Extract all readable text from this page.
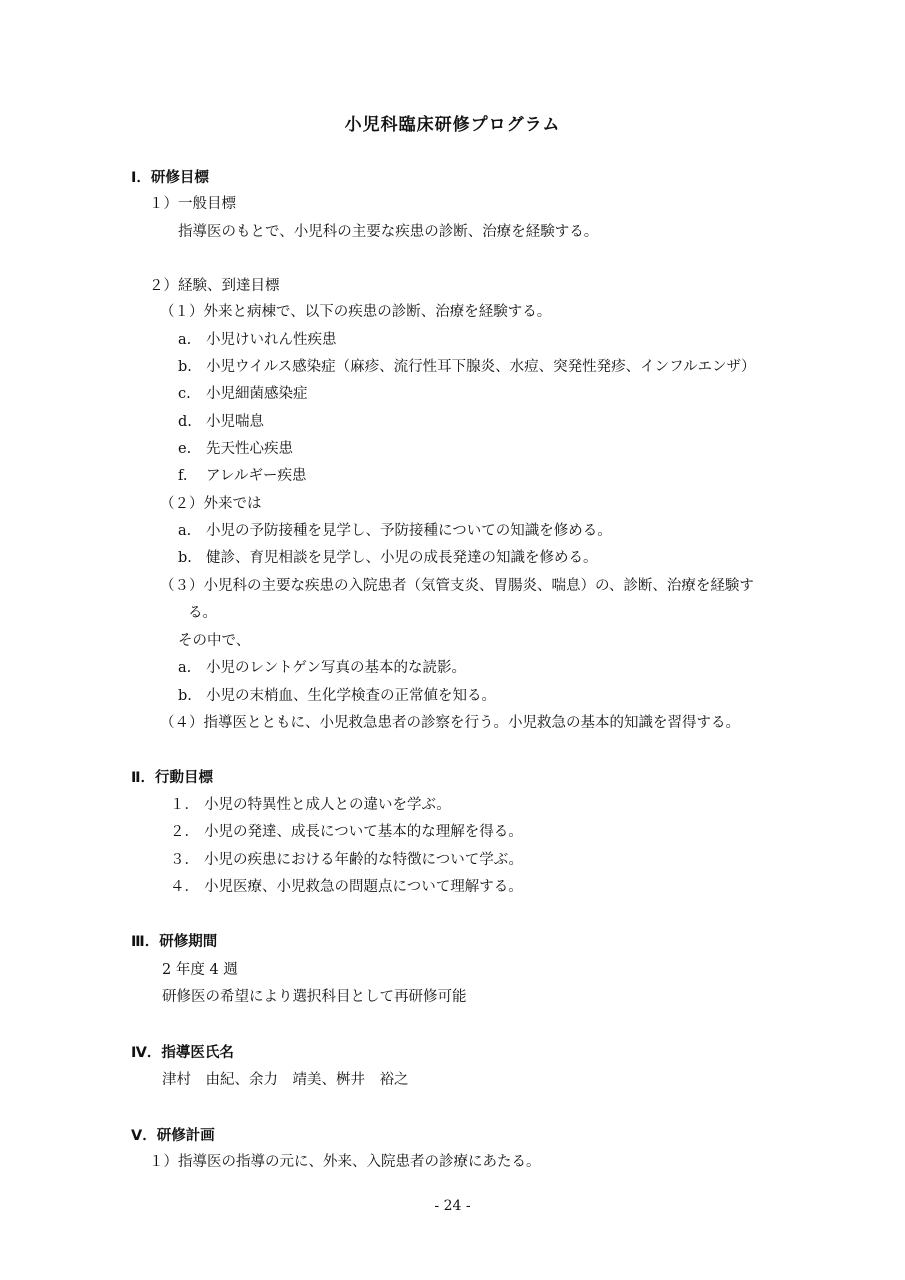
小児科臨床研修プログラム
Ⅰ．研修目標
１）一般目標
指導医のもとで、小児科の主要な疾患の診断、治療を経験する。
２）経験、到達目標
（１）外来と病棟で、以下の疾患の診断、治療を経験する。
a. 小児けいれん性疾患
b. 小児ウイルス感染症（麻疹、流行性耳下腺炎、水痘、突発性発疹、インフルエンザ）
c. 小児細菌感染症
d. 小児喘息
e. 先天性心疾患
f. アレルギー疾患
（２）外来では
a. 小児の予防接種を見学し、予防接種についての知識を修める。
b. 健診、育児相談を見学し、小児の成長発達の知識を修める。
（３）小児科の主要な疾患の入院患者（気管支炎、胃腸炎、喘息）の、診断、治療を経験す
る。
その中で、
a. 小児のレントゲン写真の基本的な読影。
b. 小児の末梢血、生化学検査の正常値を知る。
（４）指導医とともに、小児救急患者の診察を行う。小児救急の基本的知識を習得する。
Ⅱ．行動目標
１． 小児の特異性と成人との違いを学ぶ。
２． 小児の発達、成長について基本的な理解を得る。
３． 小児の疾患における年齢的な特徴について学ぶ。
４． 小児医療、小児救急の問題点について理解する。
Ⅲ．研修期間
2 年度 4 週
研修医の希望により選択科目として再研修可能
Ⅳ．指導医氏名
津村　由紀、余力　靖美、桝井　裕之
Ⅴ．研修計画
１）指導医の指導の元に、外来、入院患者の診療にあたる。
- 24 -
